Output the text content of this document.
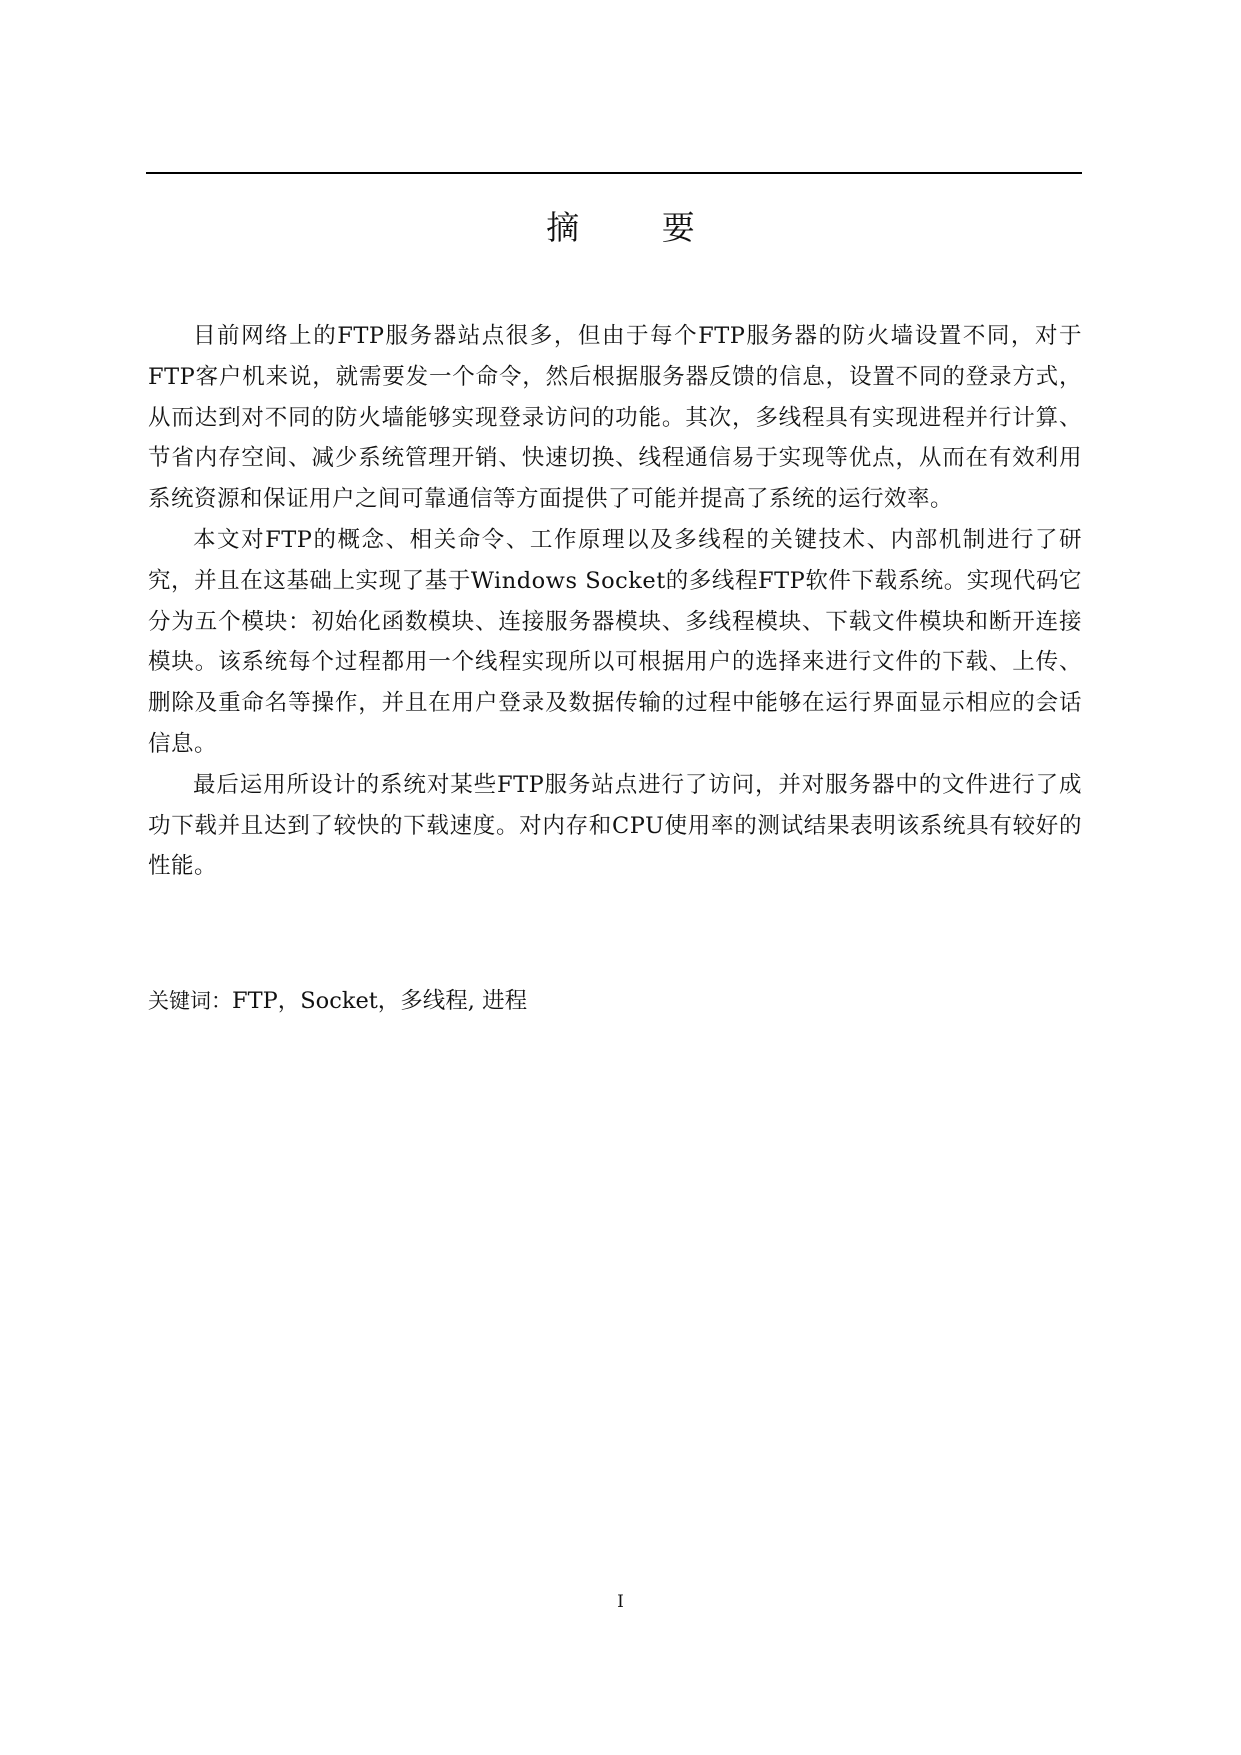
摘 要

目前网络上的FTP服务器站点很多，但由于每个FTP服务器的防火墙设置不同，对于FTP客户机来说，就需要发一个命令，然后根据服务器反馈的信息，设置不同的登录方式，从而达到对不同的防火墙能够实现登录访问的功能。其次，多线程具有实现进程并行计算、节省内存空间、减少系统管理开销、快速切换、线程通信易于实现等优点，从而在有效利用系统资源和保证用户之间可靠通信等方面提供了可能并提高了系统的运行效率。

本文对FTP的概念、相关命令、工作原理以及多线程的关键技术、内部机制进行了研究，并且在这基础上实现了基于Windows Socket的多线程FTP软件下载系统。实现代码它分为五个模块：初始化函数模块、连接服务器模块、多线程模块、下载文件模块和断开连接模块。该系统每个过程都用一个线程实现所以可根据用户的选择来进行文件的下载、上传、删除及重命名等操作，并且在用户登录及数据传输的过程中能够在运行界面显示相应的会话信息。

最后运用所设计的系统对某些FTP服务站点进行了访问，并对服务器中的文件进行了成功下载并且达到了较快的下载速度。对内存和CPU使用率的测试结果表明该系统具有较好的性能。

关键词：FTP，Socket，多线程, 进程
I
